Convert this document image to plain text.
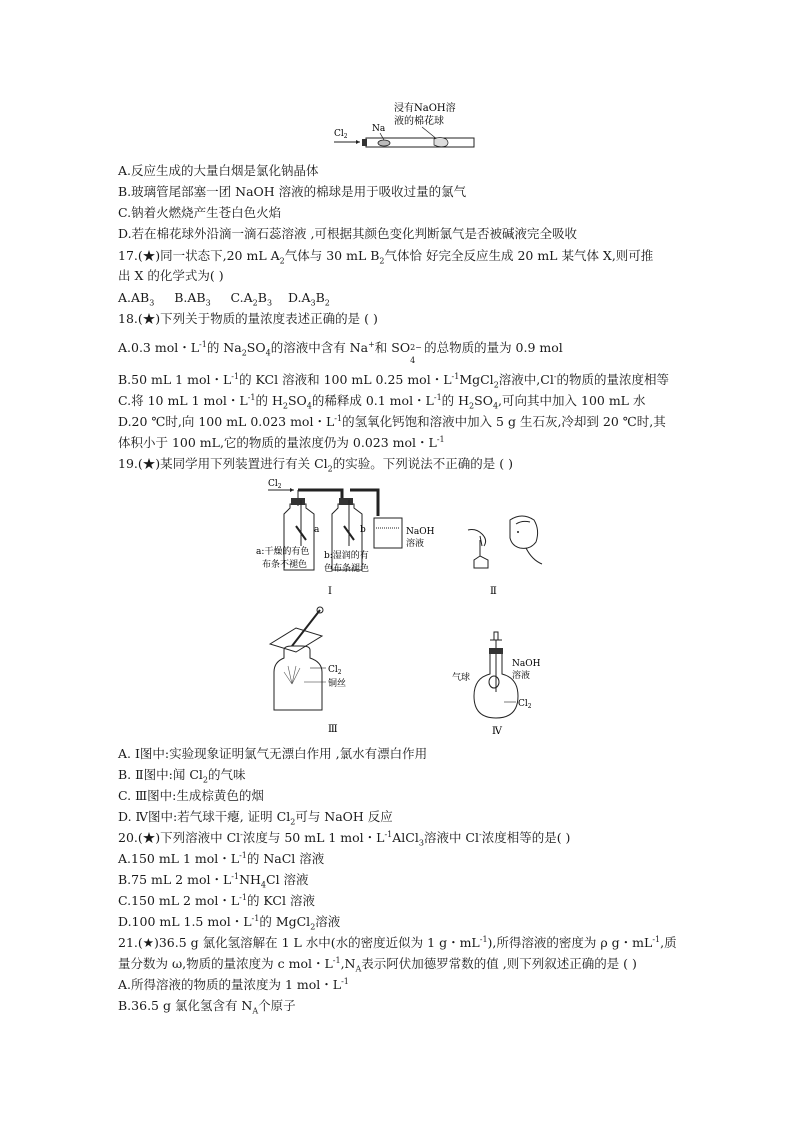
浸有NaOH溶
液的棉花球
Na
$Cl_2$
A.反应生成的大量白烟是氯化钠晶体
B.玻璃管尾部塞一团 NaOH 溶液的棉球是用于吸收过量的氯气
C.钠着火燃烧产生苍白色火焰
D.若在棉花球外沿滴一滴石蕊溶液 ,可根据其颜色变化判断氯气是否被碱液完全吸收
17.(★)同一状态下,20 mL $A_2$气体与 30 mL $B_2$气体恰 好完全反应生成 20 mL 某气体 X,则可推
出 X 的化学式为( )
$A.AB_3$ $B.AB_3$ $C.A_2B_3$ $D.A_3B_2$
18.(★)下列关于物质的量浓度表述正确的是 ( )
A.0.3 mol・$L^{-1}$的 $Na_2SO_4$的溶液中含有 Na+和 SO 2−
4
的总物质的量为 0.9 mol
B.50 mL 1 mol・$L^{-1}$的 KCl 溶液和 100 mL 0.25 mol・$L^{-1}MgCl_2$溶液中,Cl-的物质的量浓度相等
C.将 10 mL 1 mol・$L^{-1}$的 $H_2SO_4$的稀释成 0.1 mol・$L^{-1}$的 $H_2SO_4$,可向其中加入 100 mL 水
D.20 ℃时,向 100 mL 0.023 mol・$L^{-1}$的氢氧化钙饱和溶液中加入 5 g 生石灰,冷却到 20 ℃时,其
体积小于 100 mL,它的物质的量浓度仍为 0.023 mol・$L^{-1}$
19.(★)某同学用下列装置进行有关 $Cl_2$的实验。下列说法不正确的是 ( )
$Cl_2$
a	b	NaOH
溶液
a:干燥的有色
布条不褪色
b:湿润的有
色布条褪色
Ⅰ	Ⅱ
$Cl_2$
铜丝
Ⅲ
NaOH
溶液
气球
$Cl_2$
Ⅳ
A. Ⅰ图中:实验现象证明氯气无漂白作用 ,氯水有漂白作用
B. Ⅱ图中:闻 $Cl_2$的气味
C. Ⅲ图中:生成棕黄色的烟
D. Ⅳ图中:若气球干瘪, 证明 $Cl_2$可与 NaOH 反应
20.(★)下列溶液中 Cl-浓度与 50 mL 1 mol・$L^{-1}AlCl_3$溶液中 Cl-浓度相等的是( )
A.150 mL 1 mol・$L^{-1}$的 NaCl 溶液
B.75 mL 2 mol・$L^{-1}NH_4Cl$ 溶液
C.150 mL 2 mol・$L^{-1}$的 KCl 溶液
D.100 mL 1.5 mol・$L^{-1}$的 MgCl$_2$溶液
21.(★)36.5 g 氯化氢溶解在 1 L 水中(水的密度近似为 1 g・$mL^{-1}$),所得溶液的密度为 ρ g・$mL^{-1}$,质
量分数为 ω,物质的量浓度为 c mol・$L^{-1},N_A$表示阿伏加德罗常数的值 ,则下列叙述正确的是 ( )
A.所得溶液的物质的量浓度为 1 mol・$L^{-1}$
B.36.5 g 氯化氢含有 $N_A$个原子
